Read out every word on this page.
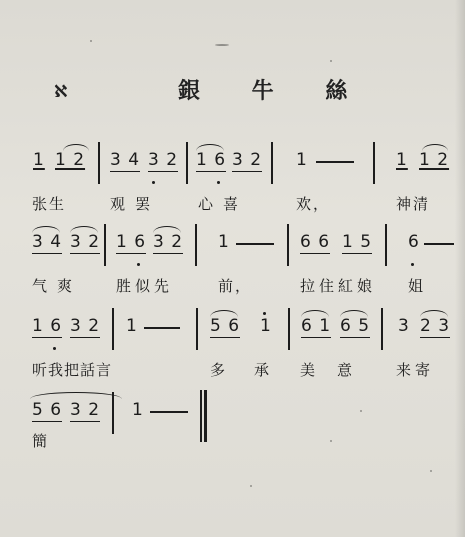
ℵ	銀 牛 絲
1 1 2 3 4 3 2 1 6 3 2 1	1 1 2
张生	观罢	心喜	欢，	神清
3 4 3 2 1 6 3 2 1	6 6 1 5 6
气爽 胜似先	前，	拉住紅娘 姐
1 6 3 2 1	5 6 1 6 1 6 5 3 2 3
听我把話言	多 承 美意 来寄
5 6 3 2 1
簡
